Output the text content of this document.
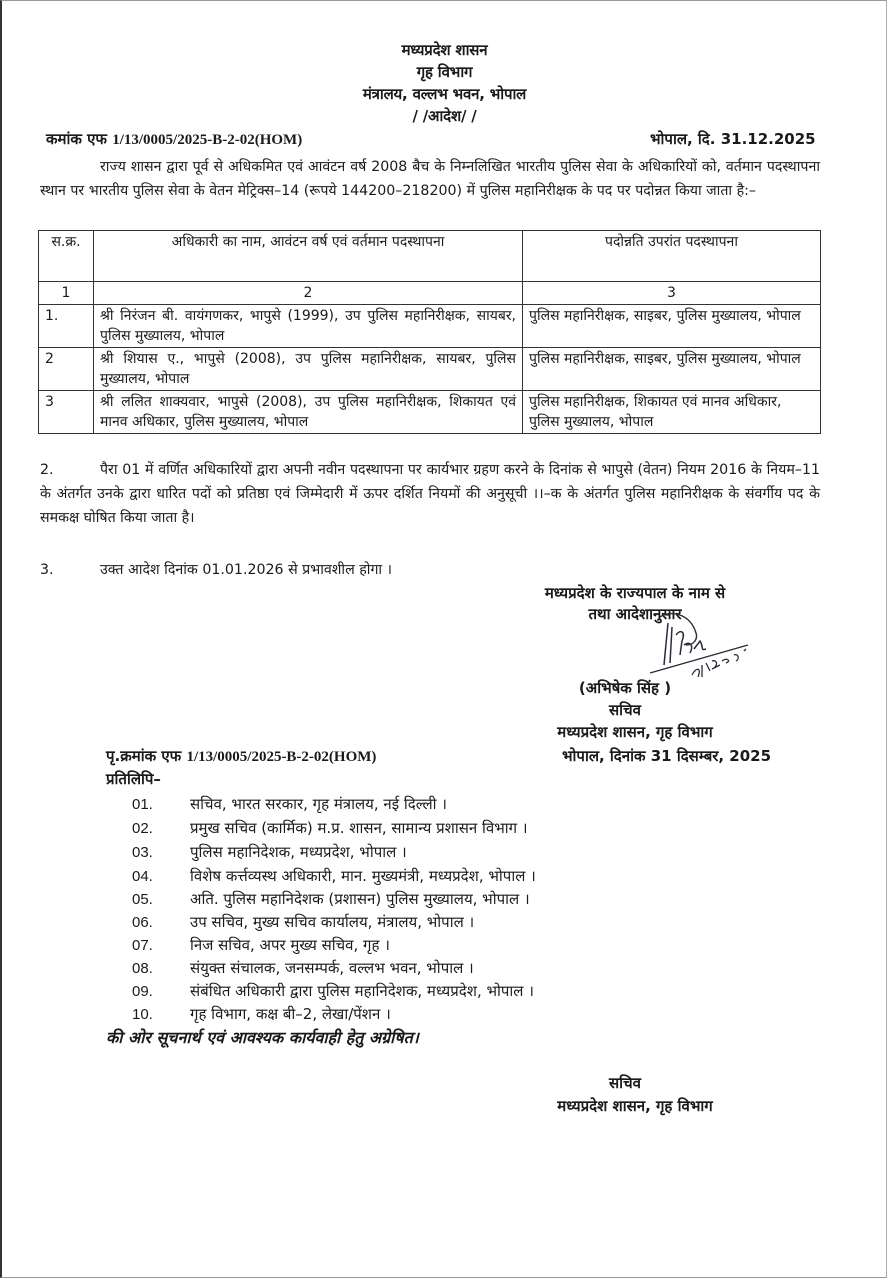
मध्यप्रदेश शासन
गृह विभाग
मंत्रालय, वल्लभ भवन, भोपाल
/ /आदेश/ /
कमांक एफ 1/13/0005/2025-B-2-02(HOM)	भोपाल, दि. 31.12.2025
राज्य शासन द्वारा पूर्व से अधिकमित एवं आवंटन वर्ष 2008 बैच के निम्नलिखित भारतीय पुलिस सेवा के अधिकारियों को, वर्तमान पदस्थापना स्थान पर भारतीय पुलिस सेवा के वेतन मेट्रिक्स–14 (रूपये 144200–218200) में पुलिस महानिरीक्षक के पद पर पदोन्नत किया जाता है:–
स.क्र.	अधिकारी का नाम, आवंटन वर्ष एवं वर्तमान पदस्थापना	पदोन्नति उपरांत पदस्थापना
1	2	3
1.	श्री निरंजन बी. वायंगणकर, भापुसे (1999), उप पुलिस महानिरीक्षक, सायबर, पुलिस मुख्यालय, भोपाल	पुलिस महानिरीक्षक, साइबर, पुलिस मुख्यालय, भोपाल
2	श्री शियास ए., भापुसे (2008), उप पुलिस महानिरीक्षक, सायबर, पुलिस मुख्यालय, भोपाल	पुलिस महानिरीक्षक, साइबर, पुलिस मुख्यालय, भोपाल
3	श्री ललित शाक्यवार, भापुसे (2008), उप पुलिस महानिरीक्षक, शिकायत एवं मानव अधिकार, पुलिस मुख्यालय, भोपाल	पुलिस महानिरीक्षक, शिकायत एवं मानव अधिकार, पुलिस मुख्यालय, भोपाल
2.	पैरा 01 में वर्णित अधिकारियों द्वारा अपनी नवीन पदस्थापना पर कार्यभार ग्रहण करने के दिनांक से भापुसे (वेतन) नियम 2016 के नियम–11 के अंतर्गत उनके द्वारा धारित पदों को प्रतिष्ठा एवं जिम्मेदारी में ऊपर दर्शित नियमों की अनुसूची ।।–क के अंतर्गत पुलिस महानिरीक्षक के संवर्गीय पद के समकक्ष घोषित किया जाता है।
3.	उक्त आदेश दिनांक 01.01.2026 से प्रभावशील होगा ।
मध्यप्रदेश के राज्यपाल के नाम से
तथा आदेशानुसार
(अभिषेक सिंह )
सचिव
मध्यप्रदेश शासन, गृह विभाग
पृ.क्रमांक एफ 1/13/0005/2025-B-2-02(HOM)	भोपाल, दिनांक 31 दिसम्बर, 2025
प्रतिलिपि–
01. सचिव, भारत सरकार, गृह मंत्रालय, नई दिल्ली ।
02. प्रमुख सचिव (कार्मिक) म.प्र. शासन, सामान्य प्रशासन विभाग ।
03. पुलिस महानिदेशक, मध्यप्रदेश, भोपाल ।
04. विशेष कर्त्तव्यस्थ अधिकारी, मान. मुख्यमंत्री, मध्यप्रदेश, भोपाल ।
05. अति. पुलिस महानिदेशक (प्रशासन) पुलिस मुख्यालय, भोपाल ।
06. उप सचिव, मुख्य सचिव कार्यालय, मंत्रालय, भोपाल ।
07. निज सचिव, अपर मुख्य सचिव, गृह ।
08. संयुक्त संचालक, जनसम्पर्क, वल्लभ भवन, भोपाल ।
09. संबंधित अधिकारी द्वारा पुलिस महानिदेशक, मध्यप्रदेश, भोपाल ।
10. गृह विभाग, कक्ष बी–2, लेखा/पेंशन ।
की ओर सूचनार्थ एवं आवश्यक कार्यवाही हेतु अग्रेषित।
सचिव
मध्यप्रदेश शासन, गृह विभाग
